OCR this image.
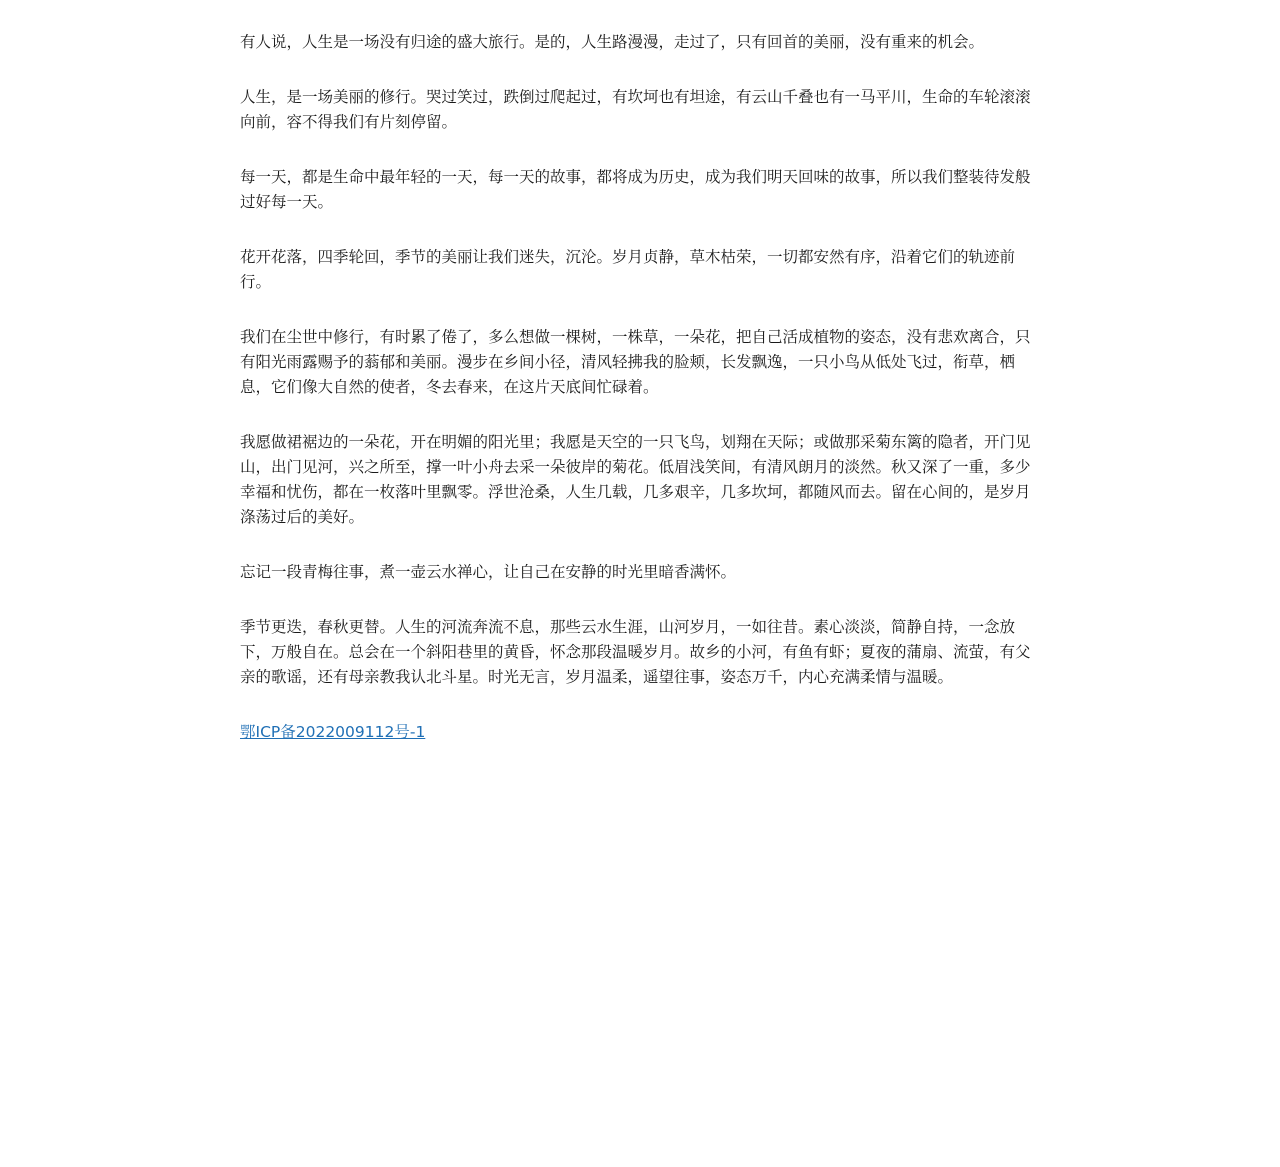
有人说，人生是一场没有归途的盛大旅行。是的，人生路漫漫，走过了，只有回首的美丽，没有重来的机会。

人生，是一场美丽的修行。哭过笑过，跌倒过爬起过，有坎坷也有坦途，有云山千叠也有一马平川，生命的车轮滚滚向前，容不得我们有片刻停留。

每一天，都是生命中最年轻的一天，每一天的故事，都将成为历史，成为我们明天回味的故事，所以我们整装待发般过好每一天。

花开花落，四季轮回，季节的美丽让我们迷失，沉沦。岁月贞静，草木枯荣，一切都安然有序，沿着它们的轨迹前行。

我们在尘世中修行，有时累了倦了，多么想做一棵树，一株草，一朵花，把自己活成植物的姿态，没有悲欢离合，只有阳光雨露赐予的蓊郁和美丽。漫步在乡间小径，清风轻拂我的脸颊，长发飘逸，一只小鸟从低处飞过，衔草，栖息，它们像大自然的使者，冬去春来，在这片天底间忙碌着。

我愿做裙裾边的一朵花，开在明媚的阳光里；我愿是天空的一只飞鸟，划翔在天际；或做那采菊东篱的隐者，开门见山，出门见河，兴之所至，撑一叶小舟去采一朵彼岸的菊花。低眉浅笑间，有清风朗月的淡然。秋又深了一重，多少幸福和忧伤，都在一枚落叶里飘零。浮世沧桑，人生几载，几多艰辛，几多坎坷，都随风而去。留在心间的，是岁月涤荡过后的美好。

忘记一段青梅往事，煮一壶云水禅心，让自己在安静的时光里暗香满怀。

季节更迭，春秋更替。人生的河流奔流不息，那些云水生涯，山河岁月，一如往昔。素心淡淡，简静自持，一念放下，万般自在。总会在一个斜阳巷里的黄昏，怀念那段温暖岁月。故乡的小河，有鱼有虾；夏夜的蒲扇、流萤，有父亲的歌谣，还有母亲教我认北斗星。时光无言，岁月温柔，遥望往事，姿态万千，内心充满柔情与温暖。

鄂ICP备2022009112号-1
